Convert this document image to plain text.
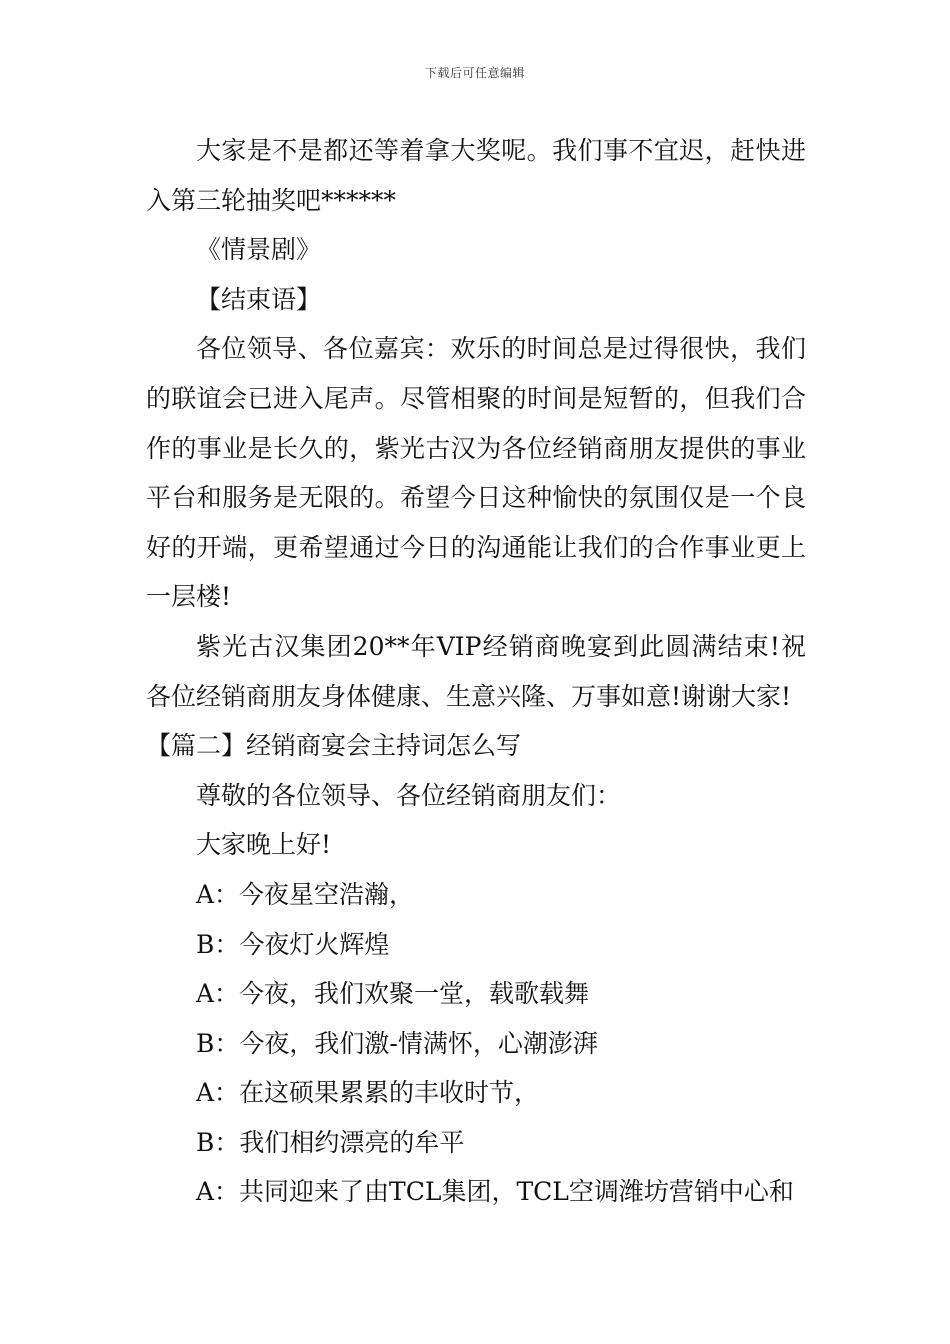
下载后可任意编辑

大家是不是都还等着拿大奖呢。我们事不宜迟，赶快进入第三轮抽奖吧******

《情景剧》

【结束语】

各位领导、各位嘉宾：欢乐的时间总是过得很快，我们的联谊会已进入尾声。尽管相聚的时间是短暂的，但我们合作的事业是长久的，紫光古汉为各位经销商朋友提供的事业平台和服务是无限的。希望今日这种愉快的氛围仅是一个良好的开端，更希望通过今日的沟通能让我们的合作事业更上一层楼!

紫光古汉集团20**年VIP经销商晚宴到此圆满结束!祝各位经销商朋友身体健康、生意兴隆、万事如意!谢谢大家!

【篇二】经销商宴会主持词怎么写

尊敬的各位领导、各位经销商朋友们：

大家晚上好!

A：今夜星空浩瀚，

B：今夜灯火辉煌

A：今夜，我们欢聚一堂，载歌载舞

B：今夜，我们激-情满怀，心潮澎湃

A：在这硕果累累的丰收时节，

B：我们相约漂亮的牟平

A：共同迎来了由TCL集团，TCL空调潍坊营销中心和
